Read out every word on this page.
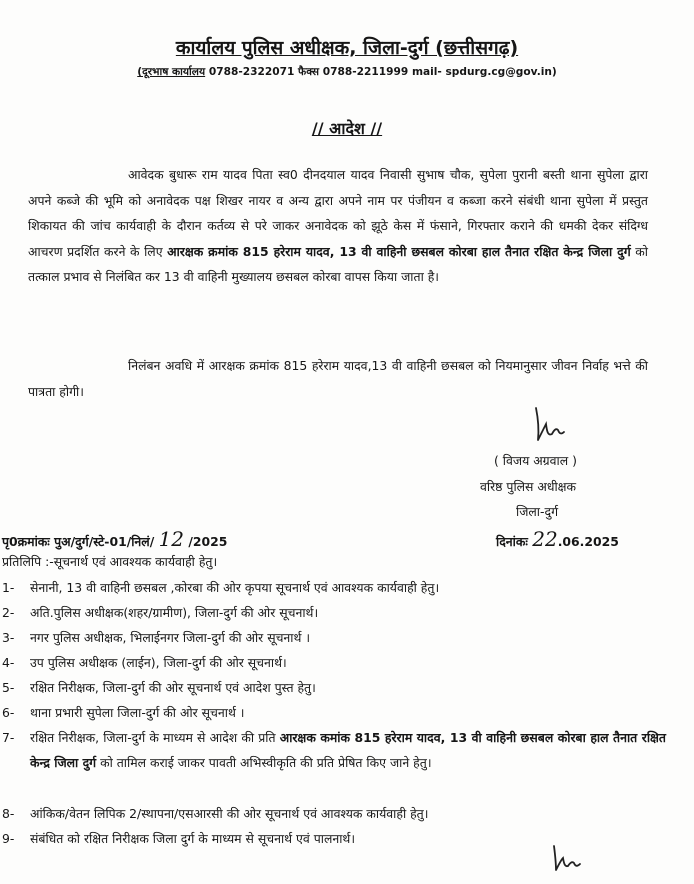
कार्यालय पुलिस अधीक्षक, जिला-दुर्ग (छत्तीसगढ़)
(दूरभाष कार्यालय 0788-2322071 फैक्स 0788-2211999 mail- spdurg.cg@gov.in)
// आदेश //
आवेदक बुधारू राम यादव पिता स्व0 दीनदयाल यादव निवासी सुभाष चौक, सुपेला पुरानी बस्ती थाना सुपेला द्वारा अपने कब्जे की भूमि को अनावेदक पक्ष शिखर नायर व अन्य द्वारा अपने नाम पर पंजीयन व कब्जा करने संबंधी थाना सुपेला में प्रस्तुत शिकायत की जांच कार्यवाही के दौरान कर्तव्य से परे जाकर अनावेदक को झूठे केस में फंसाने, गिरफ्तार कराने की धमकी देकर संदिग्ध आचरण प्रदर्शित करने के लिए आरक्षक क्रमांक 815 हरेराम यादव, 13 वी वाहिनी छसबल कोरबा हाल तैनात रक्षित केन्द्र जिला दुर्ग को तत्काल प्रभाव से निलंबित कर 13 वी वाहिनी मुख्यालय छसबल कोरबा वापस किया जाता है।
निलंबन अवधि में आरक्षक क्रमांक 815 हरेराम यादव,13 वी वाहिनी छसबल को नियमानुसार जीवन निर्वाह भत्ते की पात्रता होगी।
( विजय अग्रवाल )
वरिष्ठ पुलिस अधीक्षक
जिला-दुर्ग
पृ0क्रमांकः पुअ/दुर्ग/स्टे-01/निलं/ 12 /2025	दिनांकः 22.06.2025
प्रतिलिपि :-सूचनार्थ एवं आवश्यक कार्यवाही हेतु।
1- सेनानी, 13 वी वाहिनी छसबल ,कोरबा की ओर कृपया सूचनार्थ एवं आवश्यक कार्यवाही हेतु।
2- अति.पुलिस अधीक्षक(शहर/ग्रामीण), जिला-दुर्ग की ओर सूचनार्थ।
3- नगर पुलिस अधीक्षक, भिलाईनगर जिला-दुर्ग की ओर सूचनार्थ ।
4- उप पुलिस अधीक्षक (लाईन), जिला-दुर्ग की ओर सूचनार्थ।
5- रक्षित निरीक्षक, जिला-दुर्ग की ओर सूचनार्थ एवं आदेश पुस्त हेतु।
6- थाना प्रभारी सुपेला जिला-दुर्ग की ओर सूचनार्थ ।
7- रक्षित निरीक्षक, जिला-दुर्ग के माध्यम से आदेश की प्रति आरक्षक कमांक 815 हरेराम यादव, 13 वी वाहिनी छसबल कोरबा हाल तैनात रक्षित केन्द्र जिला दुर्ग को तामिल कराई जाकर पावती अभिस्वीकृति की प्रति प्रेषित किए जाने हेतु।
8- आंकिक/वेतन लिपिक 2/स्थापना/एसआरसी की ओर सूचनार्थ एवं आवश्यक कार्यवाही हेतु।
9- संबंधित को रक्षित निरीक्षक जिला दुर्ग के माध्यम से सूचनार्थ एवं पालनार्थ।
